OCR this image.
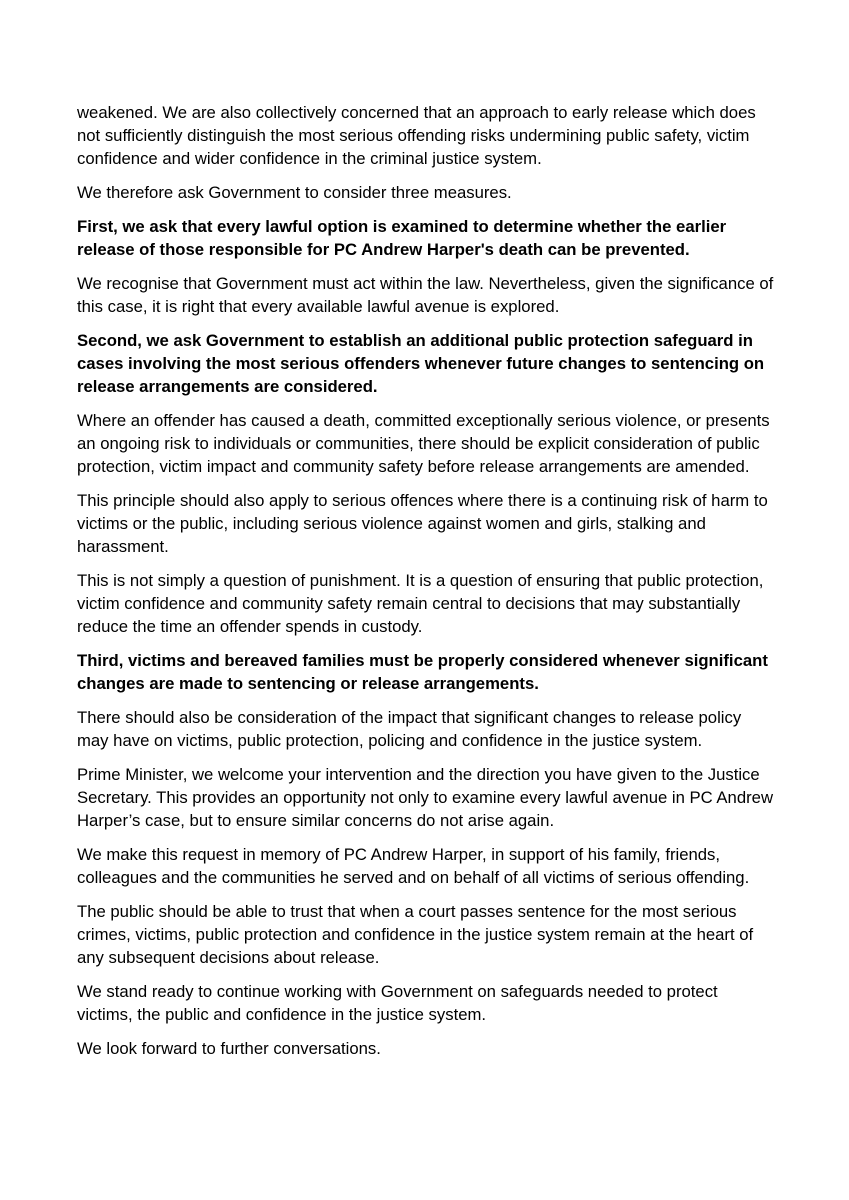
weakened. We are also collectively concerned that an approach to early release which does not sufficiently distinguish the most serious offending risks undermining public safety, victim confidence and wider confidence in the criminal justice system.

We therefore ask Government to consider three measures.

First, we ask that every lawful option is examined to determine whether the earlier release of those responsible for PC Andrew Harper's death can be prevented.

We recognise that Government must act within the law. Nevertheless, given the significance of this case, it is right that every available lawful avenue is explored.

Second, we ask Government to establish an additional public protection safeguard in cases involving the most serious offenders whenever future changes to sentencing on release arrangements are considered.

Where an offender has caused a death, committed exceptionally serious violence, or presents an ongoing risk to individuals or communities, there should be explicit consideration of public protection, victim impact and community safety before release arrangements are amended.

This principle should also apply to serious offences where there is a continuing risk of harm to victims or the public, including serious violence against women and girls, stalking and harassment.

This is not simply a question of punishment. It is a question of ensuring that public protection, victim confidence and community safety remain central to decisions that may substantially reduce the time an offender spends in custody.

Third, victims and bereaved families must be properly considered whenever significant changes are made to sentencing or release arrangements.

There should also be consideration of the impact that significant changes to release policy may have on victims, public protection, policing and confidence in the justice system.

Prime Minister, we welcome your intervention and the direction you have given to the Justice Secretary. This provides an opportunity not only to examine every lawful avenue in PC Andrew Harper’s case, but to ensure similar concerns do not arise again.

We make this request in memory of PC Andrew Harper, in support of his family, friends, colleagues and the communities he served and on behalf of all victims of serious offending.

The public should be able to trust that when a court passes sentence for the most serious crimes, victims, public protection and confidence in the justice system remain at the heart of any subsequent decisions about release.

We stand ready to continue working with Government on safeguards needed to protect victims, the public and confidence in the justice system.

We look forward to further conversations.
